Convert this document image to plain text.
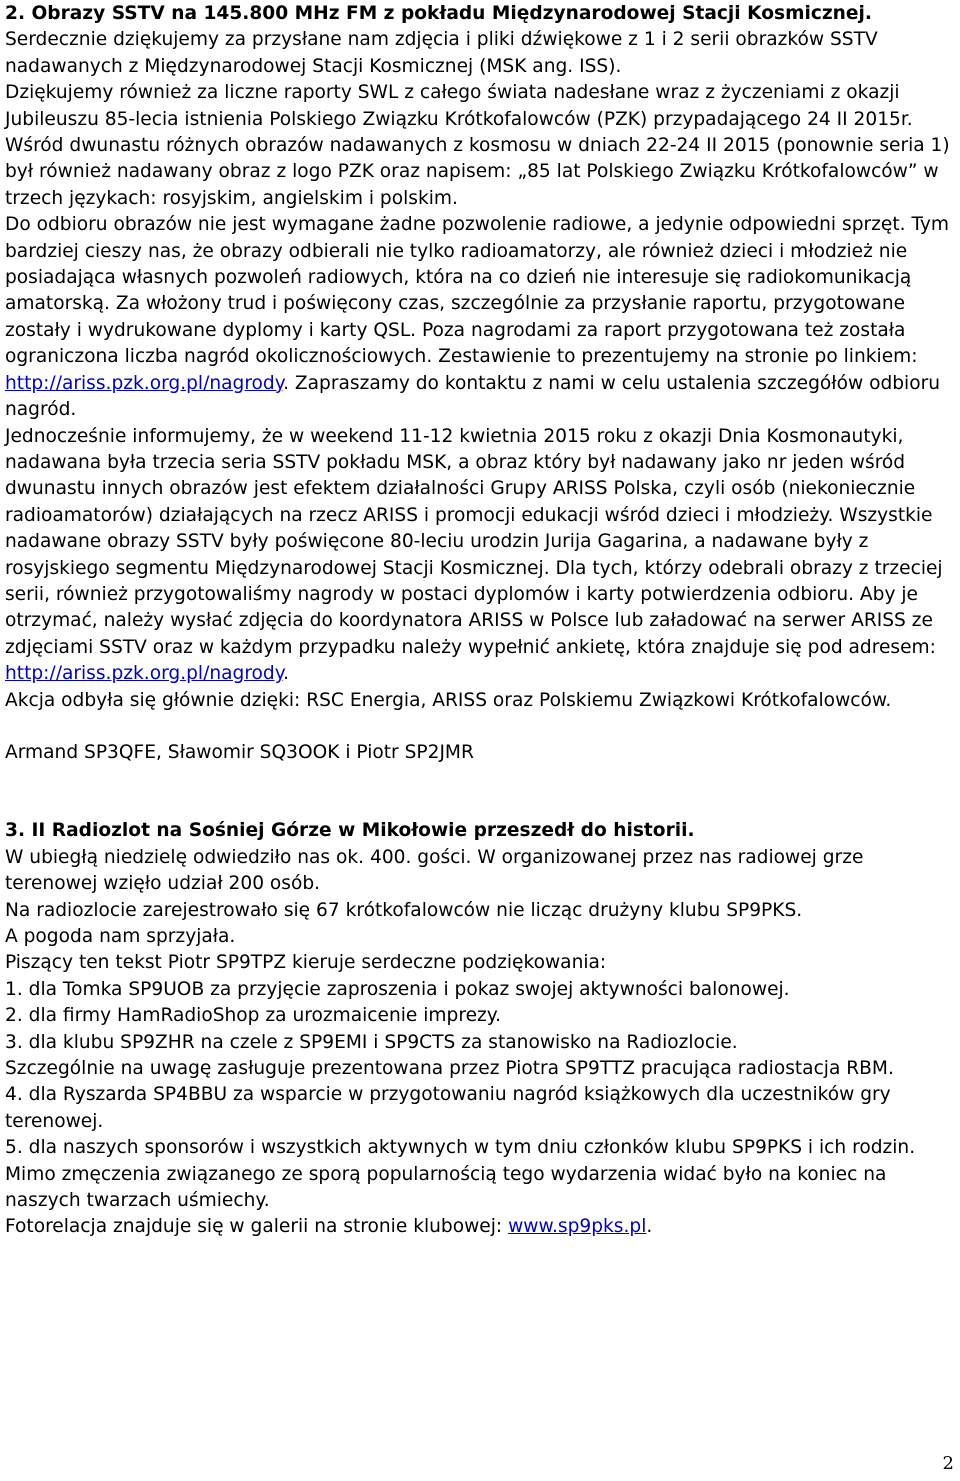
2. Obrazy SSTV na 145.800 MHz FM z pokładu Międzynarodowej Stacji Kosmicznej.

Serdecznie dziękujemy za przysłane nam zdjęcia i pliki dźwiękowe z 1 i 2 serii obrazków SSTV nadawanych z Międzynarodowej Stacji Kosmicznej (MSK ang. ISS).

Dziękujemy również za liczne raporty SWL z całego świata nadesłane wraz z życzeniami z okazji Jubileuszu 85-lecia istnienia Polskiego Związku Krótkofalowców (PZK) przypadającego 24 II 2015r. Wśród dwunastu różnych obrazów nadawanych z kosmosu w dniach 22-24 II 2015 (ponownie seria 1) był również nadawany obraz z logo PZK oraz napisem: „85 lat Polskiego Związku Krótkofalowców” w trzech językach: rosyjskim, angielskim i polskim.

Do odbioru obrazów nie jest wymagane żadne pozwolenie radiowe, a jedynie odpowiedni sprzęt. Tym bardziej cieszy nas, że obrazy odbierali nie tylko radioamatorzy, ale również dzieci i młodzież nie posiadająca własnych pozwoleń radiowych, która na co dzień nie interesuje się radiokomunikacją amatorską. Za włożony trud i poświęcony czas, szczególnie za przysłanie raportu, przygotowane zostały i wydrukowane dyplomy i karty QSL. Poza nagrodami za raport przygotowana też została ograniczona liczba nagród okolicznościowych. Zestawienie to prezentujemy na stronie po linkiem: http://ariss.pzk.org.pl/nagrody. Zapraszamy do kontaktu z nami w celu ustalenia szczegółów odbioru nagród.

Jednocześnie informujemy, że w weekend 11-12 kwietnia 2015 roku z okazji Dnia Kosmonautyki, nadawana była trzecia seria SSTV pokładu MSK, a obraz który był nadawany jako nr jeden wśród dwunastu innych obrazów jest efektem działalności Grupy ARISS Polska, czyli osób (niekoniecznie radioamatorów) działających na rzecz ARISS i promocji edukacji wśród dzieci i młodzieży. Wszystkie nadawane obrazy SSTV były poświęcone 80-leciu urodzin Jurija Gagarina, a nadawane były z rosyjskiego segmentu Międzynarodowej Stacji Kosmicznej. Dla tych, którzy odebrali obrazy z trzeciej serii, również przygotowaliśmy nagrody w postaci dyplomów i karty potwierdzenia odbioru. Aby je otrzymać, należy wysłać zdjęcia do koordynatora ARISS w Polsce lub załadować na serwer ARISS ze zdjęciami SSTV oraz w każdym przypadku należy wypełnić ankietę, która znajduje się pod adresem: http://ariss.pzk.org.pl/nagrody.

Akcja odbyła się głównie dzięki: RSC Energia, ARISS oraz Polskiemu Związkowi Krótkofalowców.

Armand SP3QFE, Sławomir SQ3OOK i Piotr SP2JMR

3. II Radiozlot na Sośniej Górze w Mikołowie przeszedł do historii.

W ubiegłą niedzielę odwiedziło nas ok. 400. gości. W organizowanej przez nas radiowej grze terenowej wzięło udział 200 osób.

Na radiozlocie zarejestrowało się 67 krótkofalowców nie licząc drużyny klubu SP9PKS.

A pogoda nam sprzyjała.

Piszący ten tekst Piotr SP9TPZ kieruje serdeczne podziękowania:

1. dla Tomka SP9UOB za przyjęcie zaproszenia i pokaz swojej aktywności balonowej.

2. dla firmy HamRadioShop za urozmaicenie imprezy.

3. dla klubu SP9ZHR na czele z SP9EMI i SP9CTS za stanowisko na Radiozlocie.

Szczególnie na uwagę zasługuje prezentowana przez Piotra SP9TTZ pracująca radiostacja RBM.

4. dla Ryszarda SP4BBU za wsparcie w przygotowaniu nagród książkowych dla uczestników gry terenowej.

5. dla naszych sponsorów i wszystkich aktywnych w tym dniu członków klubu SP9PKS i ich rodzin.

Mimo zmęczenia związanego ze sporą popularnością tego wydarzenia widać było na koniec na naszych twarzach uśmiechy.

Fotorelacja znajduje się w galerii na stronie klubowej: www.sp9pks.pl.

2
